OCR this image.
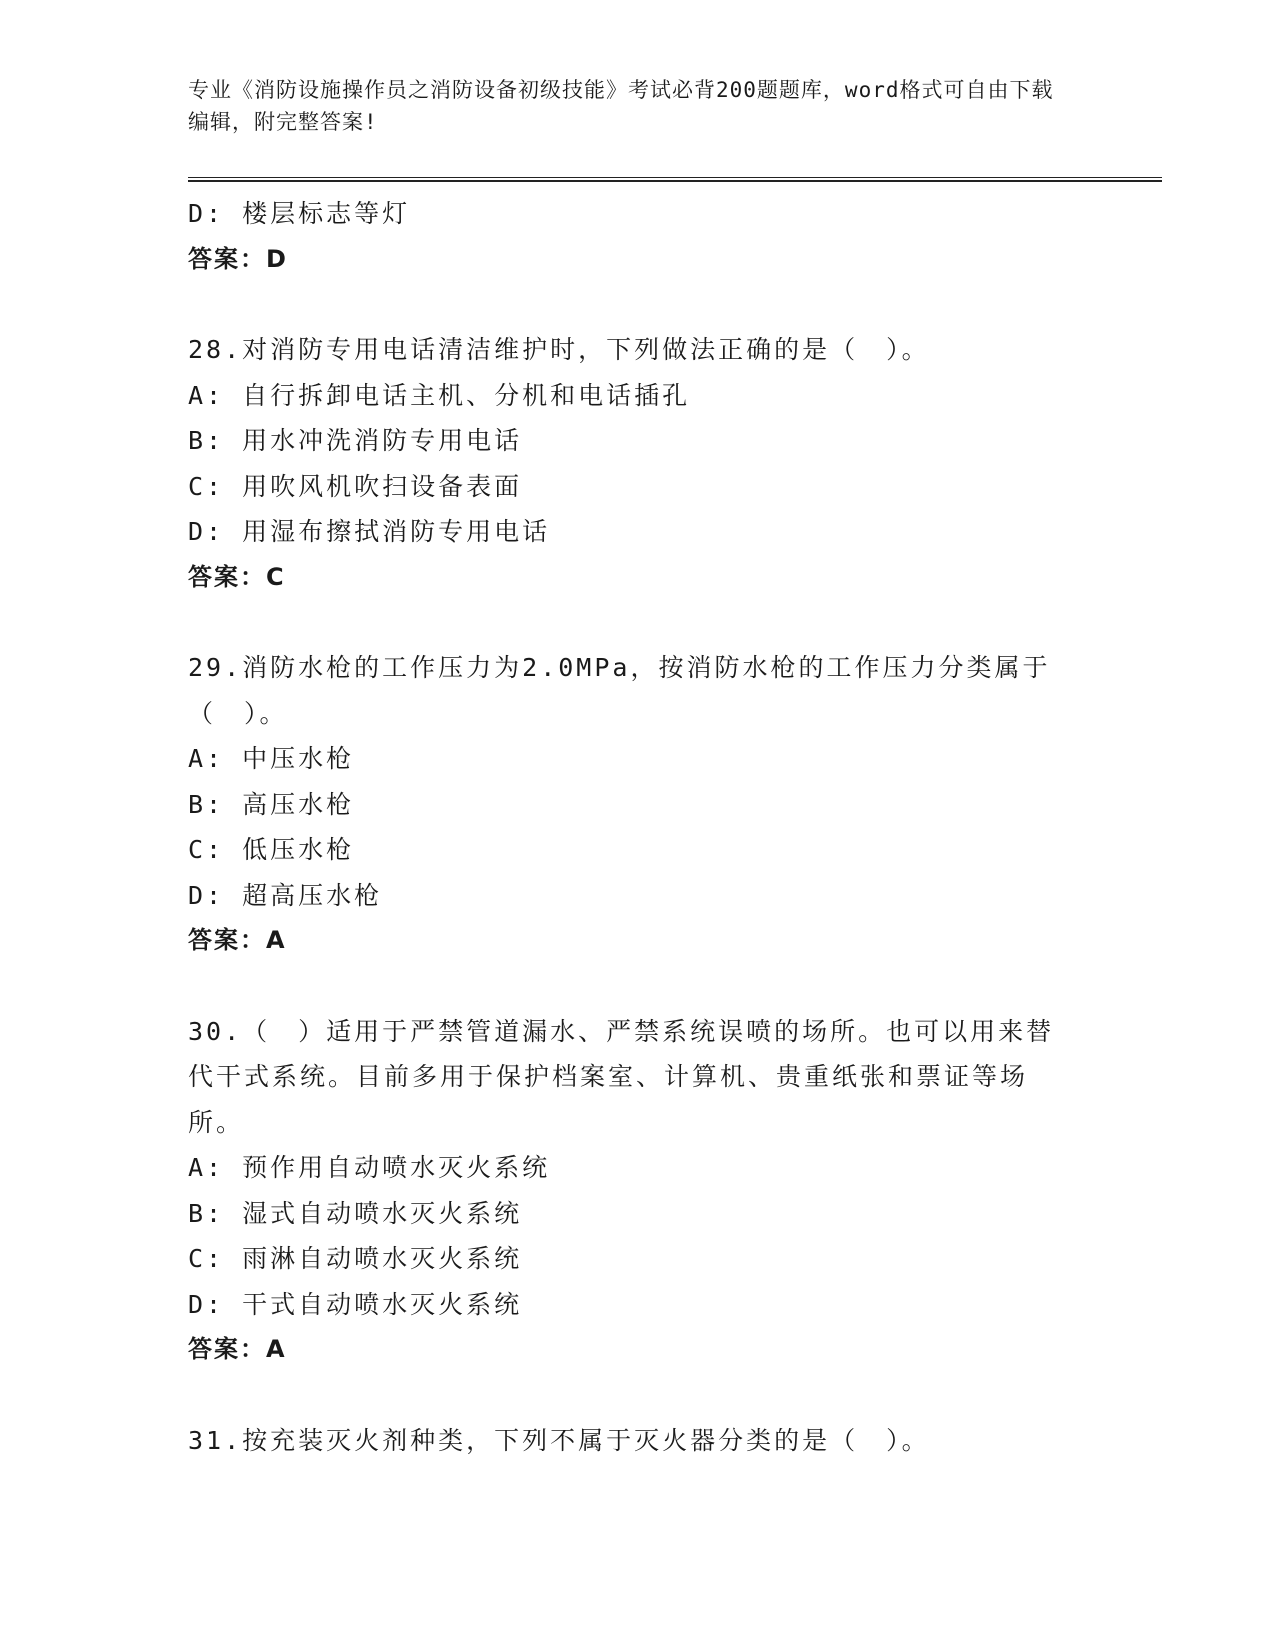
专业《消防设施操作员之消防设备初级技能》考试必背200题题库，word格式可自由下载编辑，附完整答案!
D: 楼层标志等灯
答案：D
28.对消防专用电话清洁维护时，下列做法正确的是（　）。
A: 自行拆卸电话主机、分机和电话插孔
B: 用水冲洗消防专用电话
C: 用吹风机吹扫设备表面
D: 用湿布擦拭消防专用电话
答案：C
29.消防水枪的工作压力为2.0MPa，按消防水枪的工作压力分类属于（　）。
A: 中压水枪
B: 高压水枪
C: 低压水枪
D: 超高压水枪
答案：A
30.（　）适用于严禁管道漏水、严禁系统误喷的场所。也可以用来替代干式系统。目前多用于保护档案室、计算机、贵重纸张和票证等场所。
A: 预作用自动喷水灭火系统
B: 湿式自动喷水灭火系统
C: 雨淋自动喷水灭火系统
D: 干式自动喷水灭火系统
答案：A
31.按充装灭火剂种类，下列不属于灭火器分类的是（　）。
